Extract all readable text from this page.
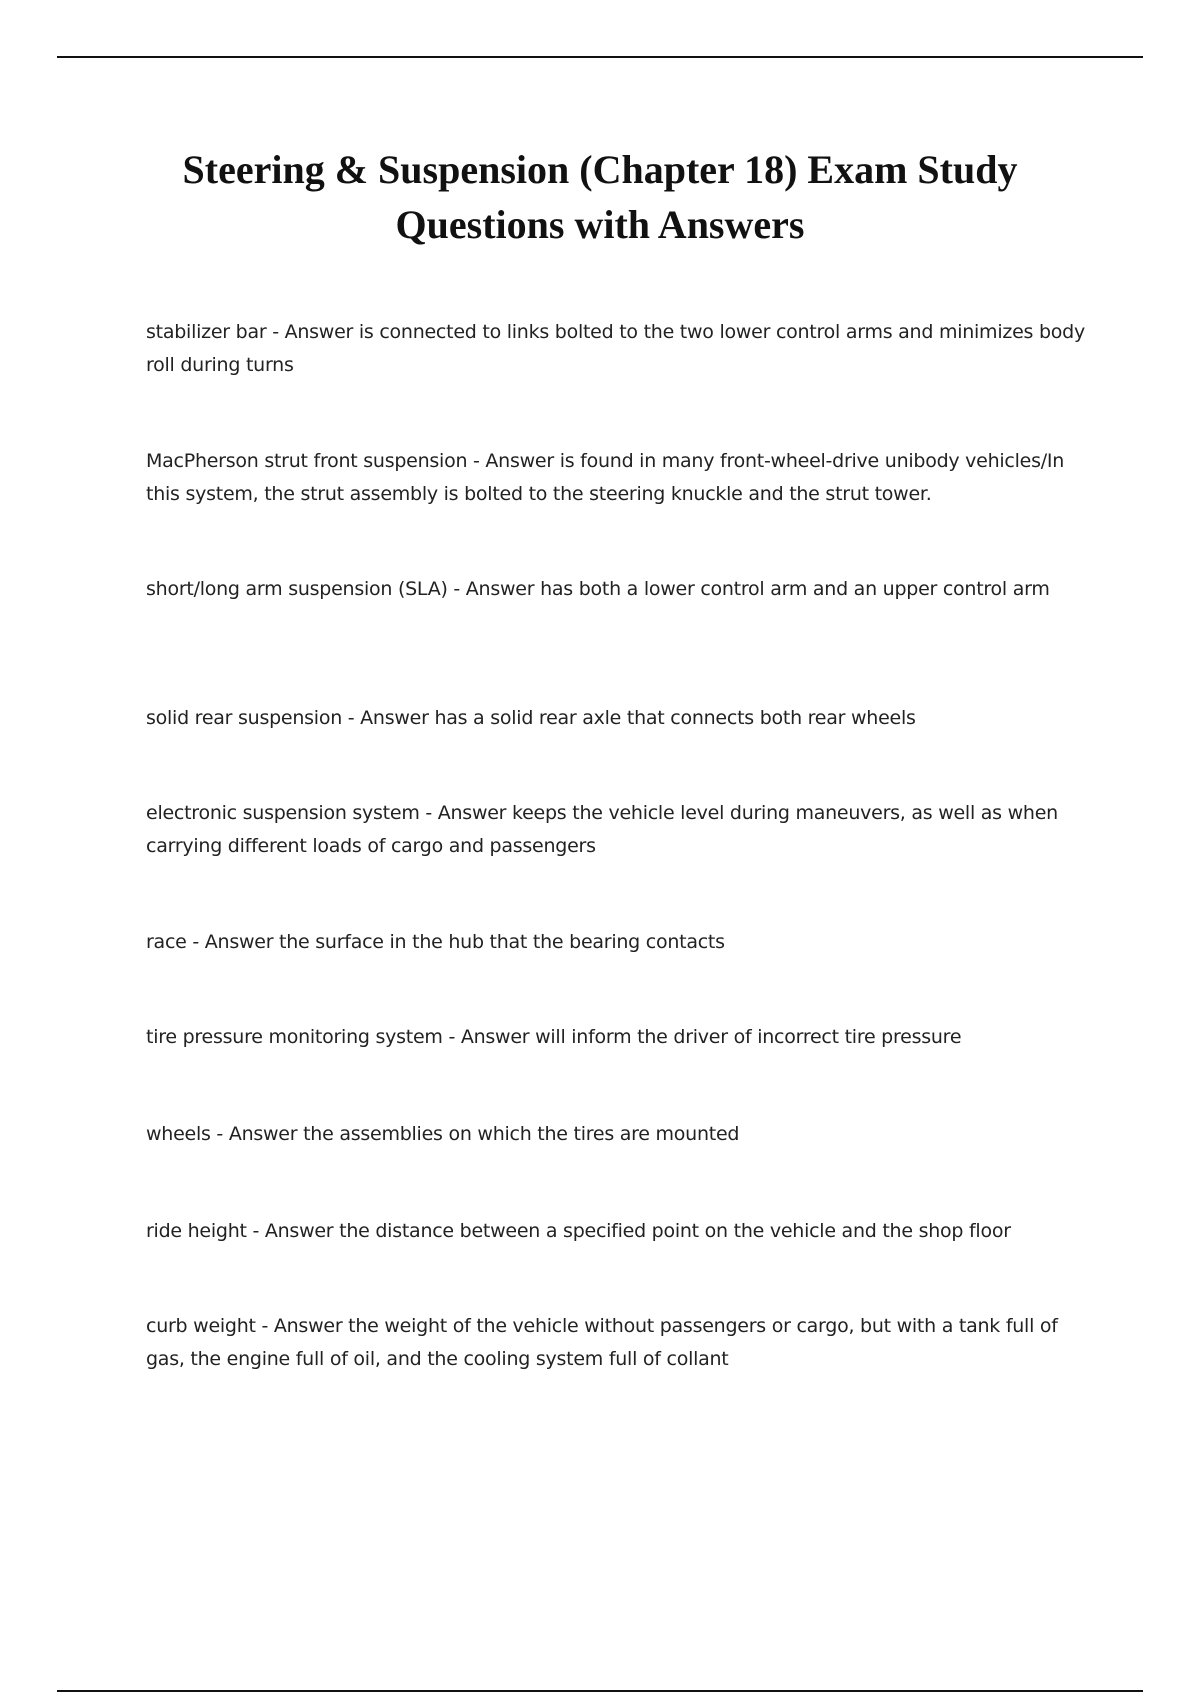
Steering & Suspension (Chapter 18) Exam Study Questions with Answers

stabilizer bar - Answer is connected to links bolted to the two lower control arms and minimizes body roll during turns

MacPherson strut front suspension - Answer is found in many front-wheel-drive unibody vehicles/In this system, the strut assembly is bolted to the steering knuckle and the strut tower.

short/long arm suspension (SLA) - Answer has both a lower control arm and an upper control arm

solid rear suspension - Answer has a solid rear axle that connects both rear wheels

electronic suspension system - Answer keeps the vehicle level during maneuvers, as well as when carrying different loads of cargo and passengers

race - Answer the surface in the hub that the bearing contacts

tire pressure monitoring system - Answer will inform the driver of incorrect tire pressure

wheels - Answer the assemblies on which the tires are mounted

ride height - Answer the distance between a specified point on the vehicle and the shop floor

curb weight - Answer the weight of the vehicle without passengers or cargo, but with a tank full of gas, the engine full of oil, and the cooling system full of collant
